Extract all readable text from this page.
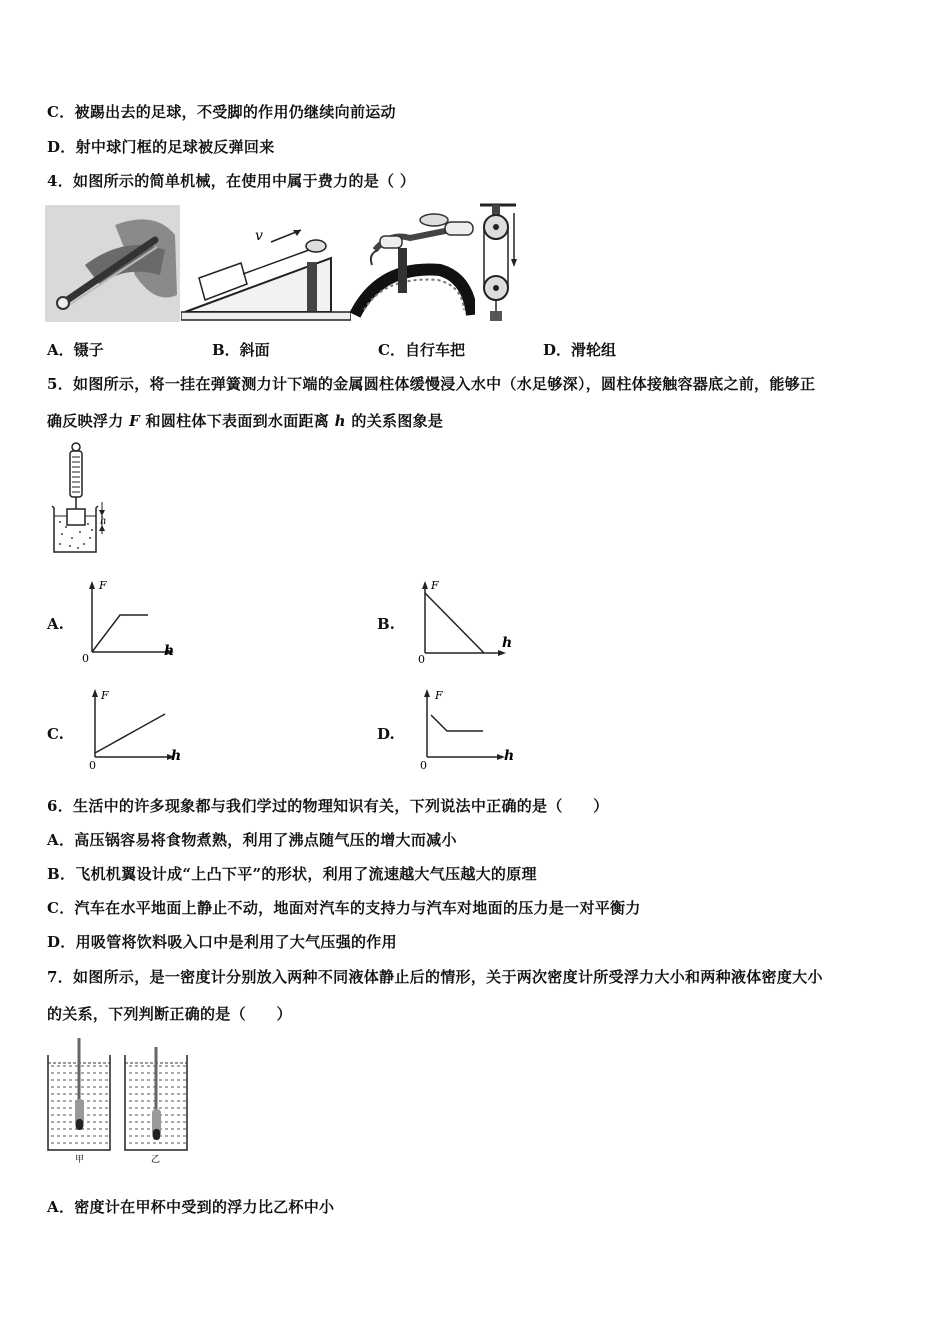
C．被踢出去的足球，不受脚的作用仍继续向前运动
D．射中球门框的足球被反弹回来
4．如图所示的简单机械，在使用中属于费力的是（ ）
v
A．镊子	B．斜面	C．自行车把	D．滑轮组
5．如图所示，将一挂在弹簧测力计下端的金属圆柱体缓慢浸入水中（水足够深），圆柱体接触容器底之前，能够正
确反映浮力 F 和圆柱体下表面到水面距离 h 的关系图象是
h
A.
F
h
0
B.
F
h
0
C.
F
h
0
D.
F
h
0
6．生活中的许多现象都与我们学过的物理知识有关，下列说法中正确的是（　　）
A．高压锅容易将食物煮熟，利用了沸点随气压的增大而减小
B．飞机机翼设计成“上凸下平”的形状，利用了流速越大气压越大的原理
C．汽车在水平地面上静止不动，地面对汽车的支持力与汽车对地面的压力是一对平衡力
D．用吸管将饮料吸入口中是利用了大气压强的作用
7．如图所示，是一密度计分别放入两种不同液体静止后的情形，关于两次密度计所受浮力大小和两种液体密度大小
的关系，下列判断正确的是（　　）
甲	乙
A．密度计在甲杯中受到的浮力比乙杯中小
